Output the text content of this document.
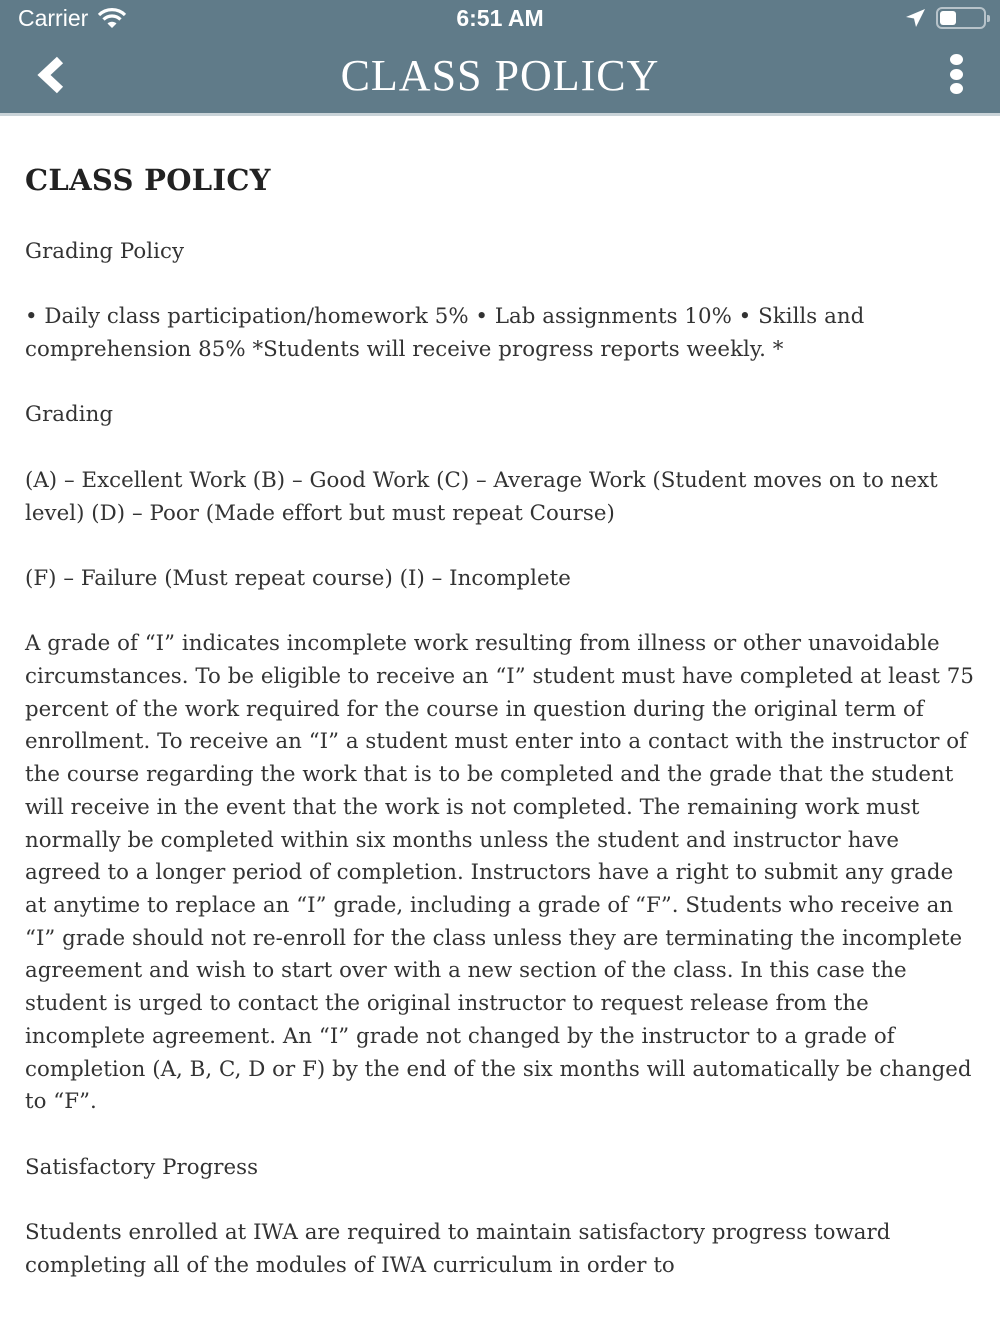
Carrier	6:51 AM
CLASS POLICY
CLASS POLICY

Grading Policy

• Daily class participation/homework 5% • Lab assignments 10% • Skills and comprehension 85% *Students will receive progress reports weekly. *

Grading

(A) – Excellent Work (B) – Good Work (C) – Average Work (Student moves on to next level) (D) – Poor (Made effort but must repeat Course)

(F) – Failure (Must repeat course) (I) – Incomplete

A grade of “I” indicates incomplete work resulting from illness or other unavoidable circumstances. To be eligible to receive an “I” student must have completed at least 75 percent of the work required for the course in question during the original term of enrollment. To receive an “I” a student must enter into a contact with the instructor of the course regarding the work that is to be completed and the grade that the student will receive in the event that the work is not completed. The remaining work must normally be completed within six months unless the student and instructor have agreed to a longer period of completion. Instructors have a right to submit any grade at anytime to replace an “I” grade, including a grade of “F”. Students who receive an “I” grade should not re-enroll for the class unless they are terminating the incomplete agreement and wish to start over with a new section of the class. In this case the student is urged to contact the original instructor to request release from the incomplete agreement. An “I” grade not changed by the instructor to a grade of completion (A, B, C, D or F) by the end of the six months will automatically be changed to “F”.

Satisfactory Progress

Students enrolled at IWA are required to maintain satisfactory progress toward completing all of the modules of IWA curriculum in order to
